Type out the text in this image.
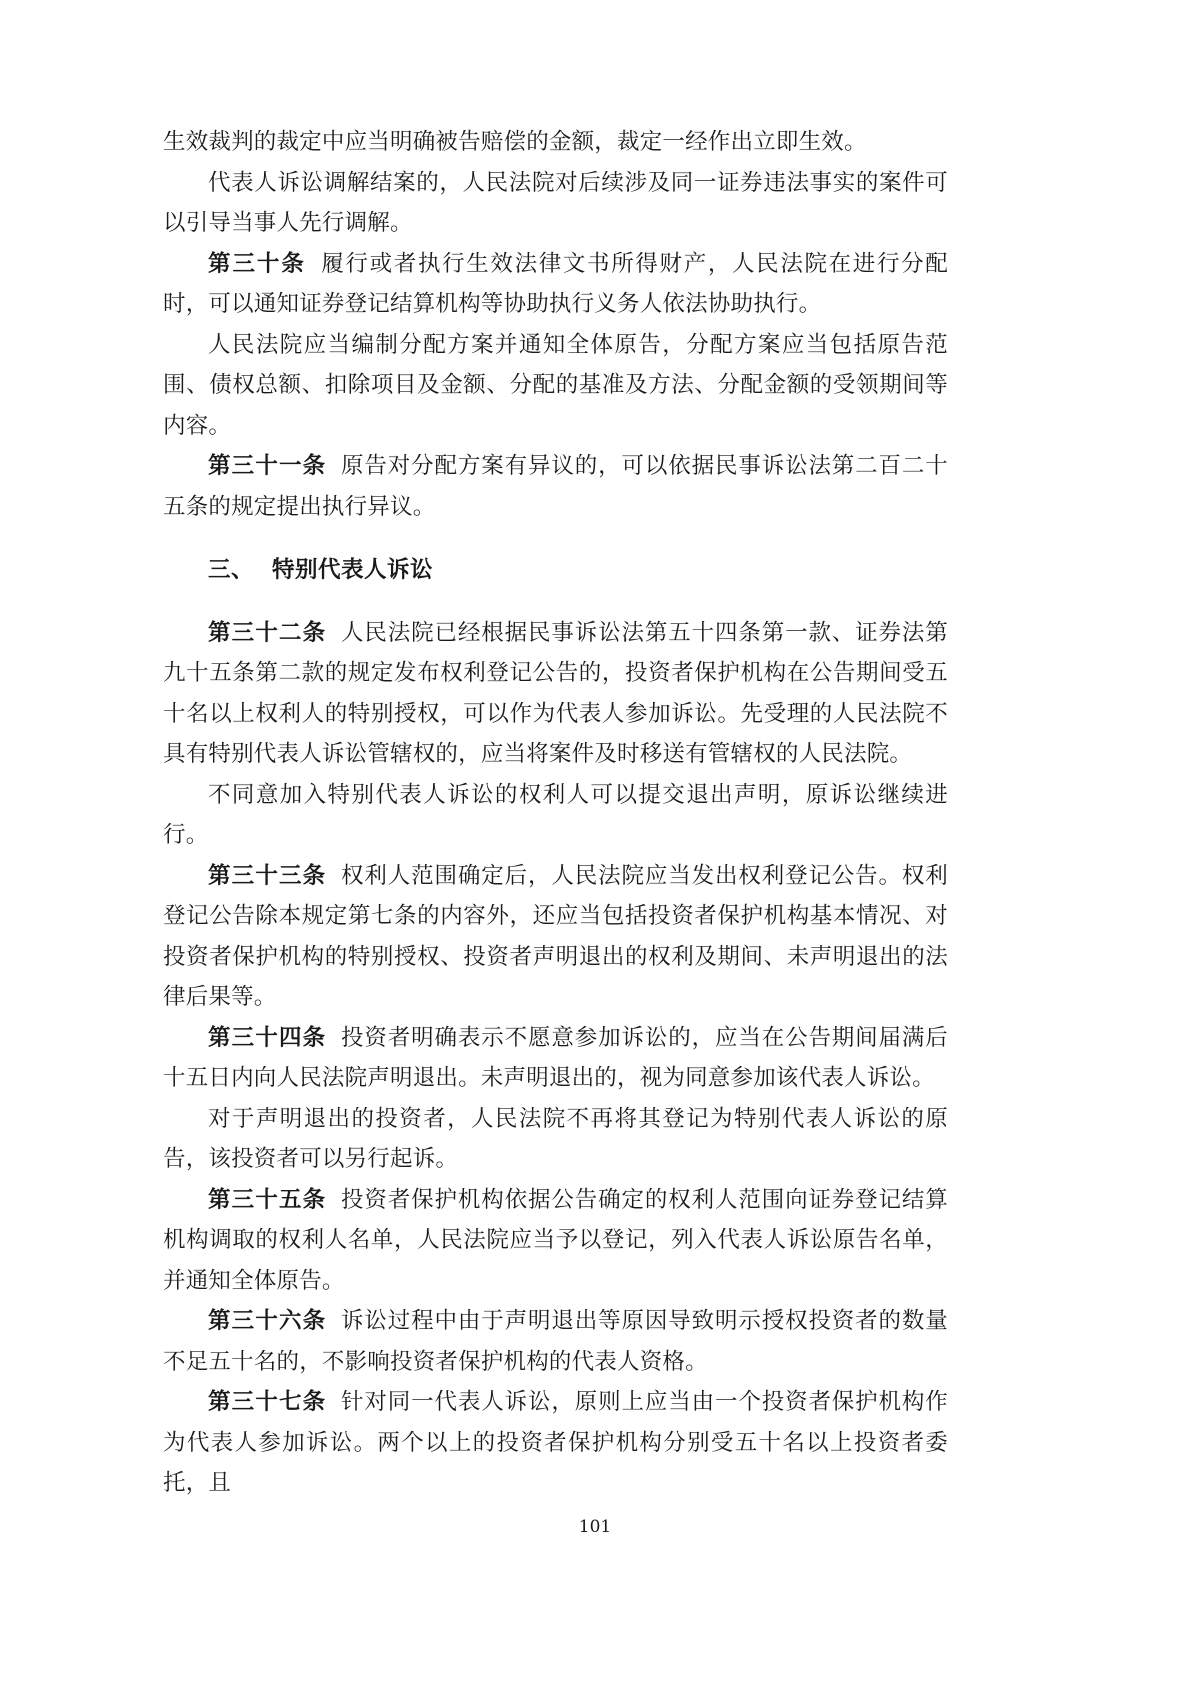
生效裁判的裁定中应当明确被告赔偿的金额，裁定一经作出立即生效。

代表人诉讼调解结案的，人民法院对后续涉及同一证券违法事实的案件可以引导当事人先行调解。

第三十条 履行或者执行生效法律文书所得财产，人民法院在进行分配时，可以通知证券登记结算机构等协助执行义务人依法协助执行。

人民法院应当编制分配方案并通知全体原告，分配方案应当包括原告范围、债权总额、扣除项目及金额、分配的基准及方法、分配金额的受领期间等内容。

第三十一条 原告对分配方案有异议的，可以依据民事诉讼法第二百二十五条的规定提出执行异议。

三、 特别代表人诉讼

第三十二条 人民法院已经根据民事诉讼法第五十四条第一款、证券法第九十五条第二款的规定发布权利登记公告的，投资者保护机构在公告期间受五十名以上权利人的特别授权，可以作为代表人参加诉讼。先受理的人民法院不具有特别代表人诉讼管辖权的，应当将案件及时移送有管辖权的人民法院。

不同意加入特别代表人诉讼的权利人可以提交退出声明，原诉讼继续进行。

第三十三条 权利人范围确定后，人民法院应当发出权利登记公告。权利登记公告除本规定第七条的内容外，还应当包括投资者保护机构基本情况、对投资者保护机构的特别授权、投资者声明退出的权利及期间、未声明退出的法律后果等。

第三十四条 投资者明确表示不愿意参加诉讼的，应当在公告期间届满后十五日内向人民法院声明退出。未声明退出的，视为同意参加该代表人诉讼。

对于声明退出的投资者，人民法院不再将其登记为特别代表人诉讼的原告，该投资者可以另行起诉。

第三十五条 投资者保护机构依据公告确定的权利人范围向证券登记结算机构调取的权利人名单，人民法院应当予以登记，列入代表人诉讼原告名单，并通知全体原告。

第三十六条 诉讼过程中由于声明退出等原因导致明示授权投资者的数量不足五十名的，不影响投资者保护机构的代表人资格。

第三十七条 针对同一代表人诉讼，原则上应当由一个投资者保护机构作为代表人参加诉讼。两个以上的投资者保护机构分别受五十名以上投资者委托，且

101
